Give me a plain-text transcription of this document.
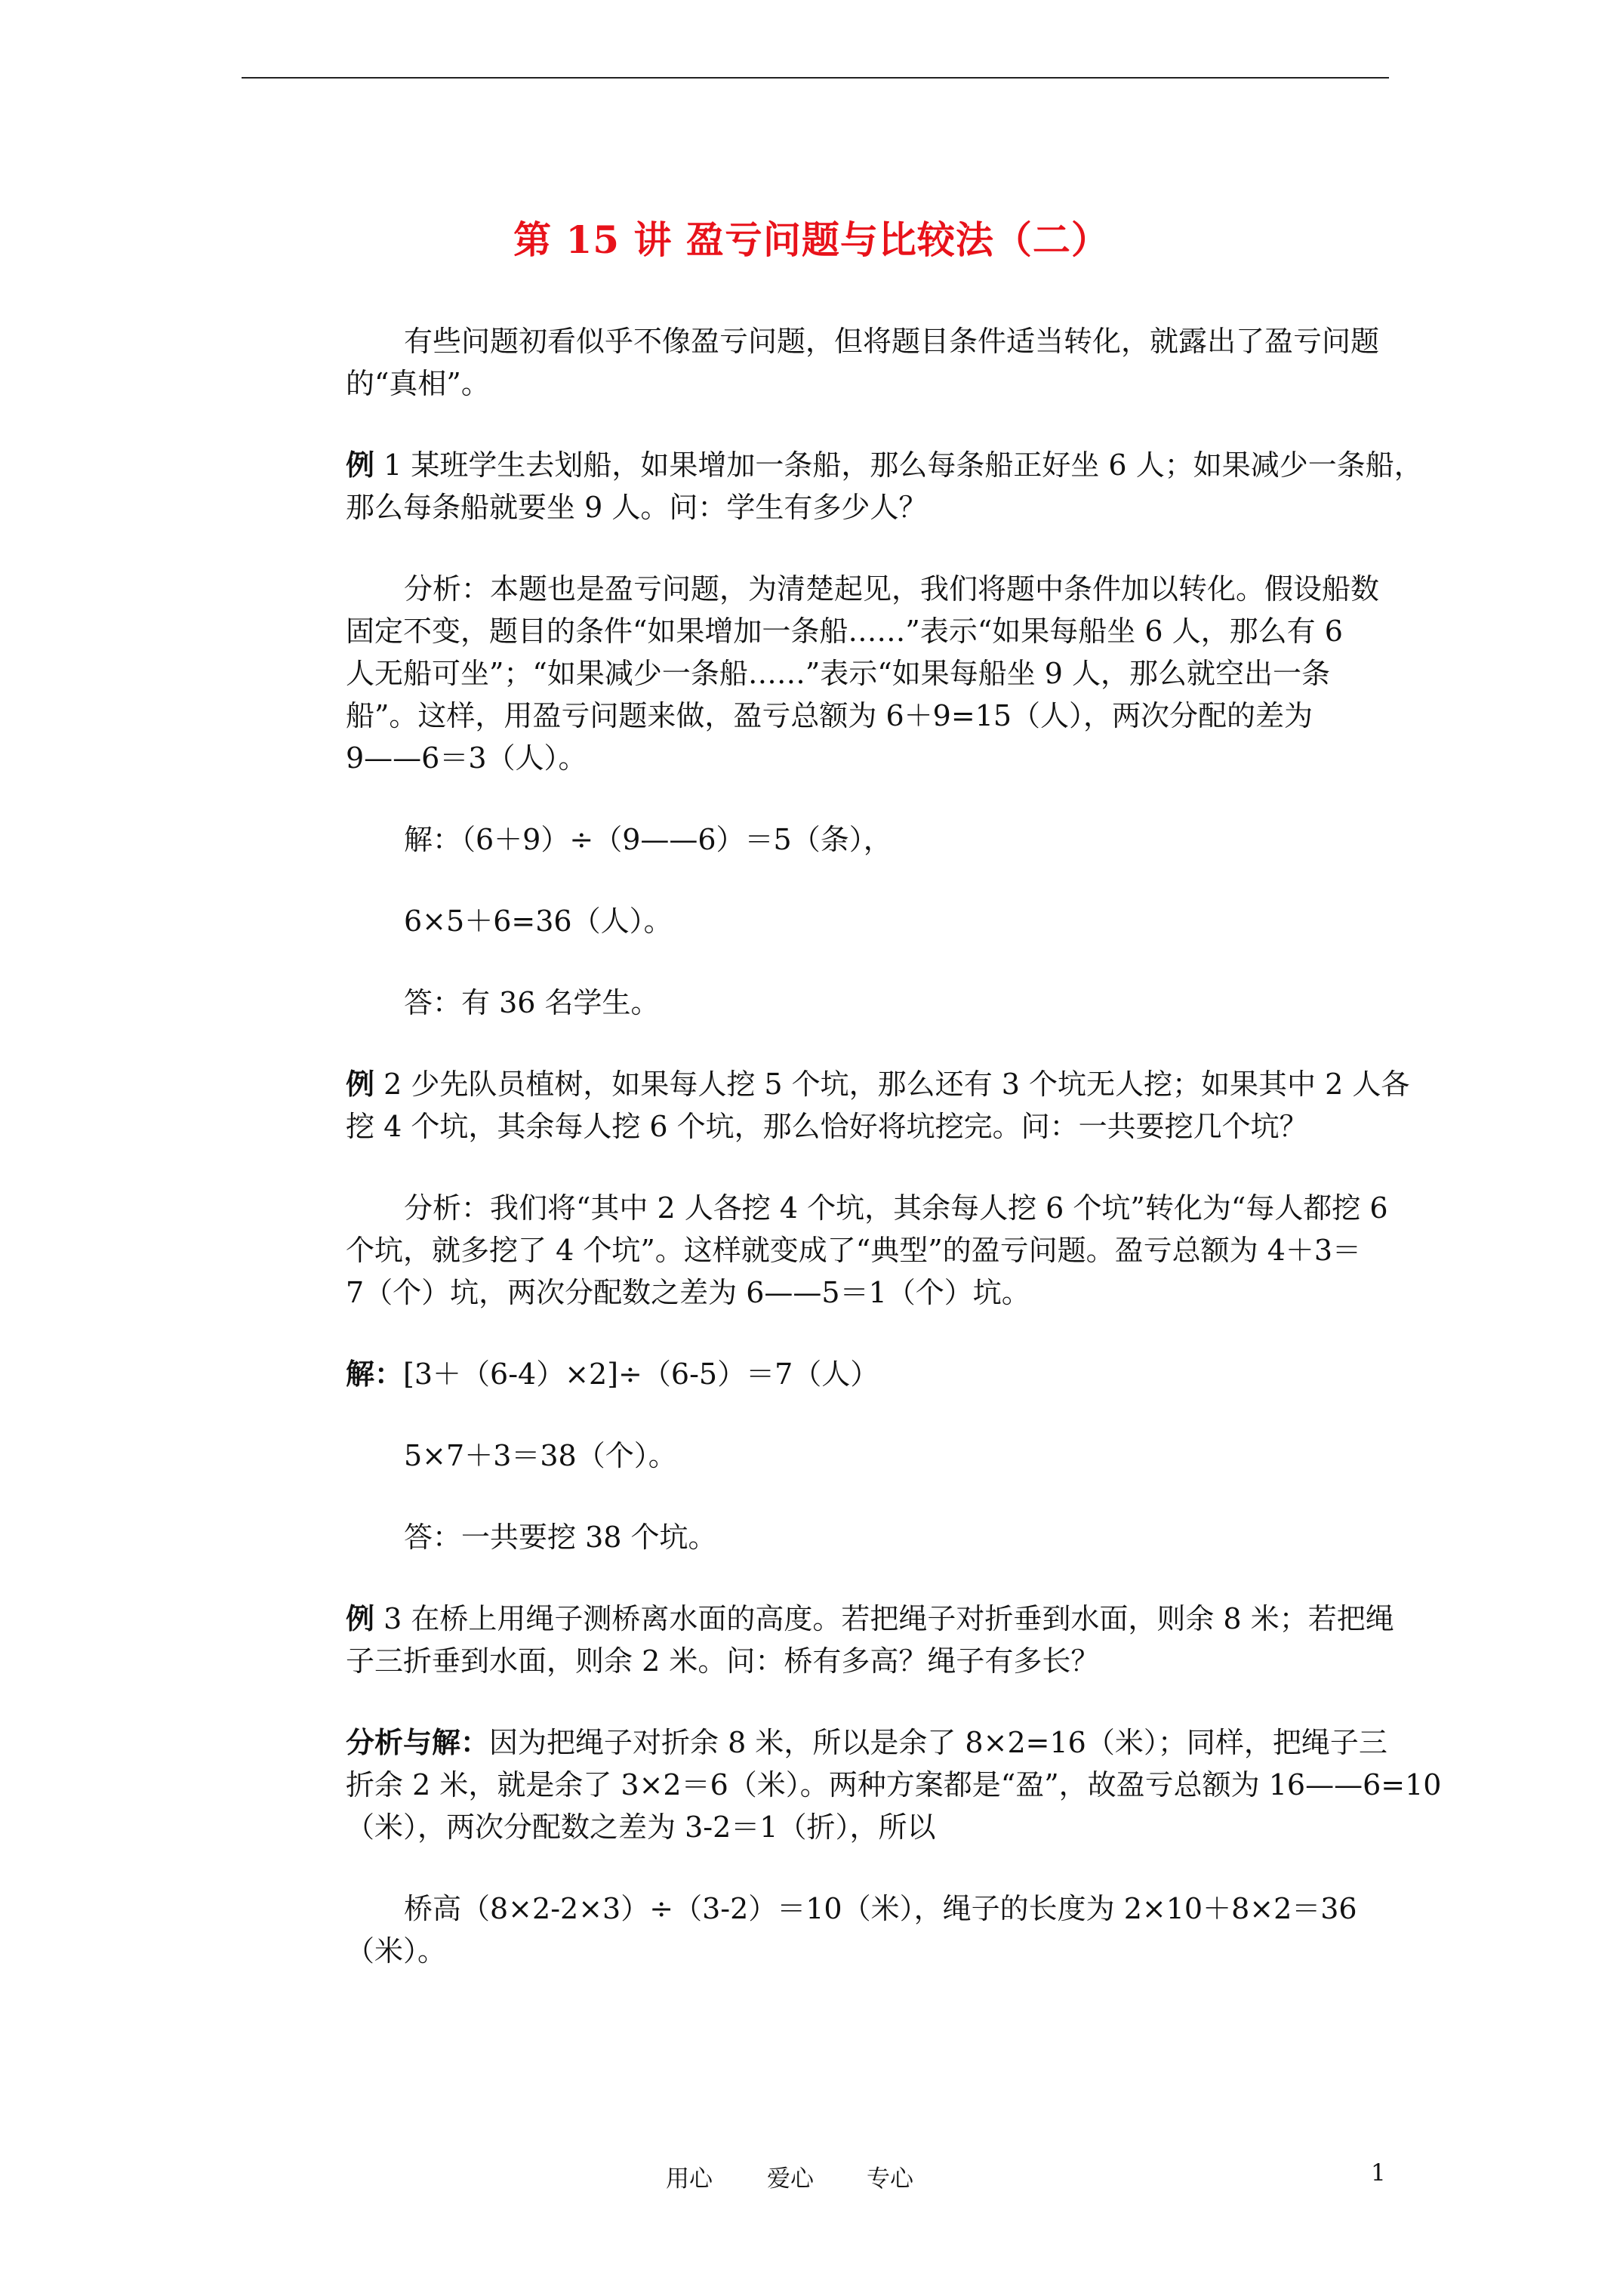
第 15 讲 盈亏问题与比较法（二）
有些问题初看似乎不像盈亏问题，但将题目条件适当转化，就露出了盈亏问题
的“真相”。
例 1 某班学生去划船，如果增加一条船，那么每条船正好坐 6 人；如果减少一条船，
那么每条船就要坐 9 人。问：学生有多少人？
分析：本题也是盈亏问题，为清楚起见，我们将题中条件加以转化。假设船数
固定不变，题目的条件“如果增加一条船……”表示“如果每船坐 6 人，那么有 6
人无船可坐”；“如果减少一条船……”表示“如果每船坐 9 人，那么就空出一条
船”。这样，用盈亏问题来做，盈亏总额为 6＋9=15（人），两次分配的差为
9——6＝3（人）。
解：（6＋9）÷（9——6）＝5（条），
6×5＋6=36（人）。
答：有 36 名学生。
例 2 少先队员植树，如果每人挖 5 个坑，那么还有 3 个坑无人挖；如果其中 2 人各
挖 4 个坑，其余每人挖 6 个坑，那么恰好将坑挖完。问：一共要挖几个坑？
分析：我们将“其中 2 人各挖 4 个坑，其余每人挖 6 个坑”转化为“每人都挖 6
个坑，就多挖了 4 个坑”。这样就变成了“典型”的盈亏问题。盈亏总额为 4＋3＝
7（个）坑，两次分配数之差为 6——5＝1（个）坑。
解：[3＋（6-4）×2]÷（6-5）＝7（人）
5×7＋3＝38（个）。
答：一共要挖 38 个坑。
例 3 在桥上用绳子测桥离水面的高度。若把绳子对折垂到水面，则余 8 米；若把绳
子三折垂到水面，则余 2 米。问：桥有多高？绳子有多长？
分析与解：因为把绳子对折余 8 米，所以是余了 8×2=16（米）；同样，把绳子三
折余 2 米，就是余了 3×2＝6（米）。两种方案都是“盈”，故盈亏总额为 16——6=10
（米），两次分配数之差为 3-2＝1（折），所以
桥高（8×2-2×3）÷（3-2）＝10（米），绳子的长度为 2×10＋8×2＝36
（米）。
用心 爱心 专心	1
